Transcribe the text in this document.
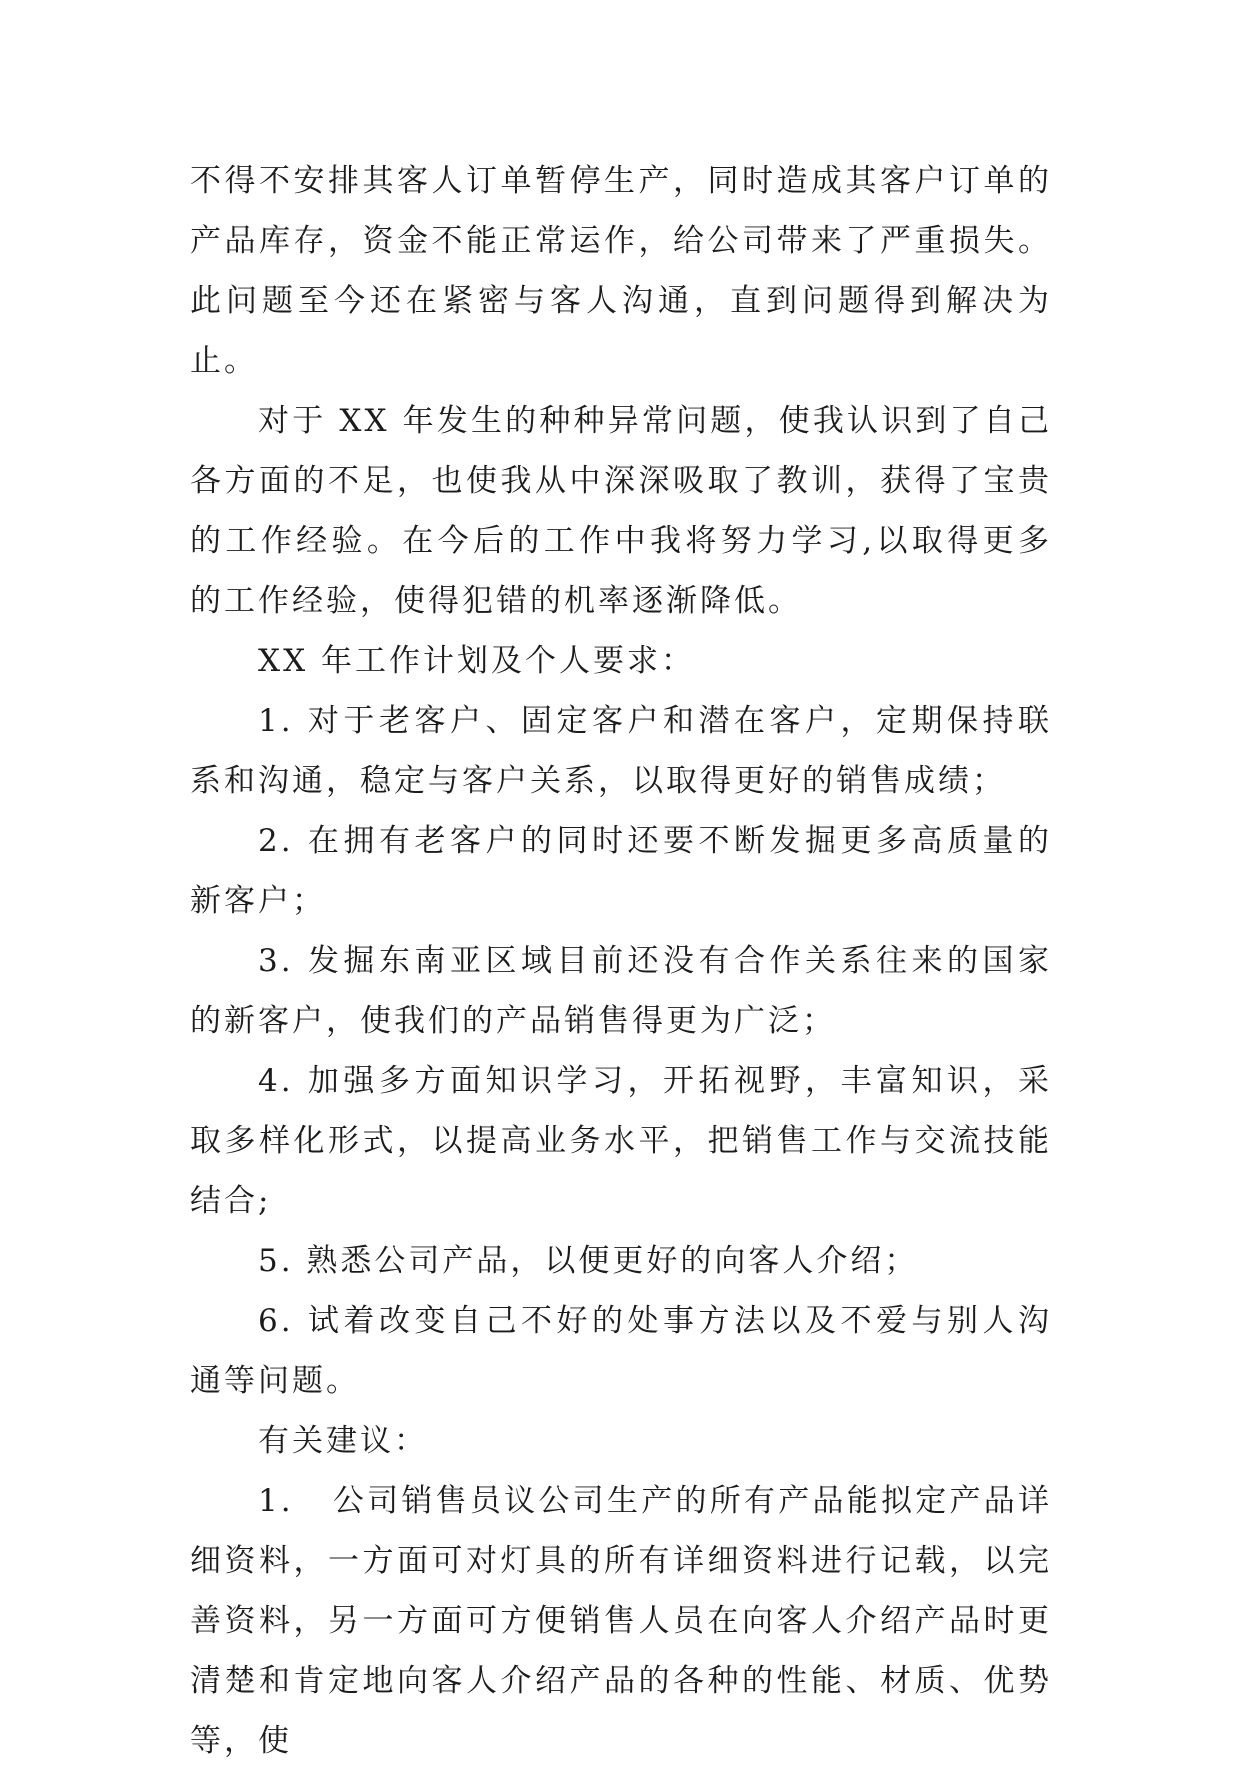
不得不安排其客人订单暂停生产，同时造成其客户订单的产品库存，资金不能正常运作，给公司带来了严重损失。此问题至今还在紧密与客人沟通，直到问题得到解决为止。

对于 XX 年发生的种种异常问题，使我认识到了自己各方面的不足，也使我从中深深吸取了教训，获得了宝贵的工作经验。在今后的工作中我将努力学习,以取得更多的工作经验，使得犯错的机率逐渐降低。

XX 年工作计划及个人要求：

1. 对于老客户、固定客户和潜在客户，定期保持联系和沟通，稳定与客户关系，以取得更好的销售成绩；

2. 在拥有老客户的同时还要不断发掘更多高质量的新客户；

3. 发掘东南亚区域目前还没有合作关系往来的国家的新客户，使我们的产品销售得更为广泛；

4. 加强多方面知识学习，开拓视野，丰富知识，采取多样化形式，以提高业务水平，把销售工作与交流技能结合;

5. 熟悉公司产品，以便更好的向客人介绍；

6. 试着改变自己不好的处事方法以及不爱与别人沟通等问题。

有关建议：

1.   公司销售员议公司生产的所有产品能拟定产品详细资料，一方面可对灯具的所有详细资料进行记载，以完善资料，另一方面可方便销售人员在向客人介绍产品时更清楚和肯定地向客人介绍产品的各种的性能、材质、优势等，使
